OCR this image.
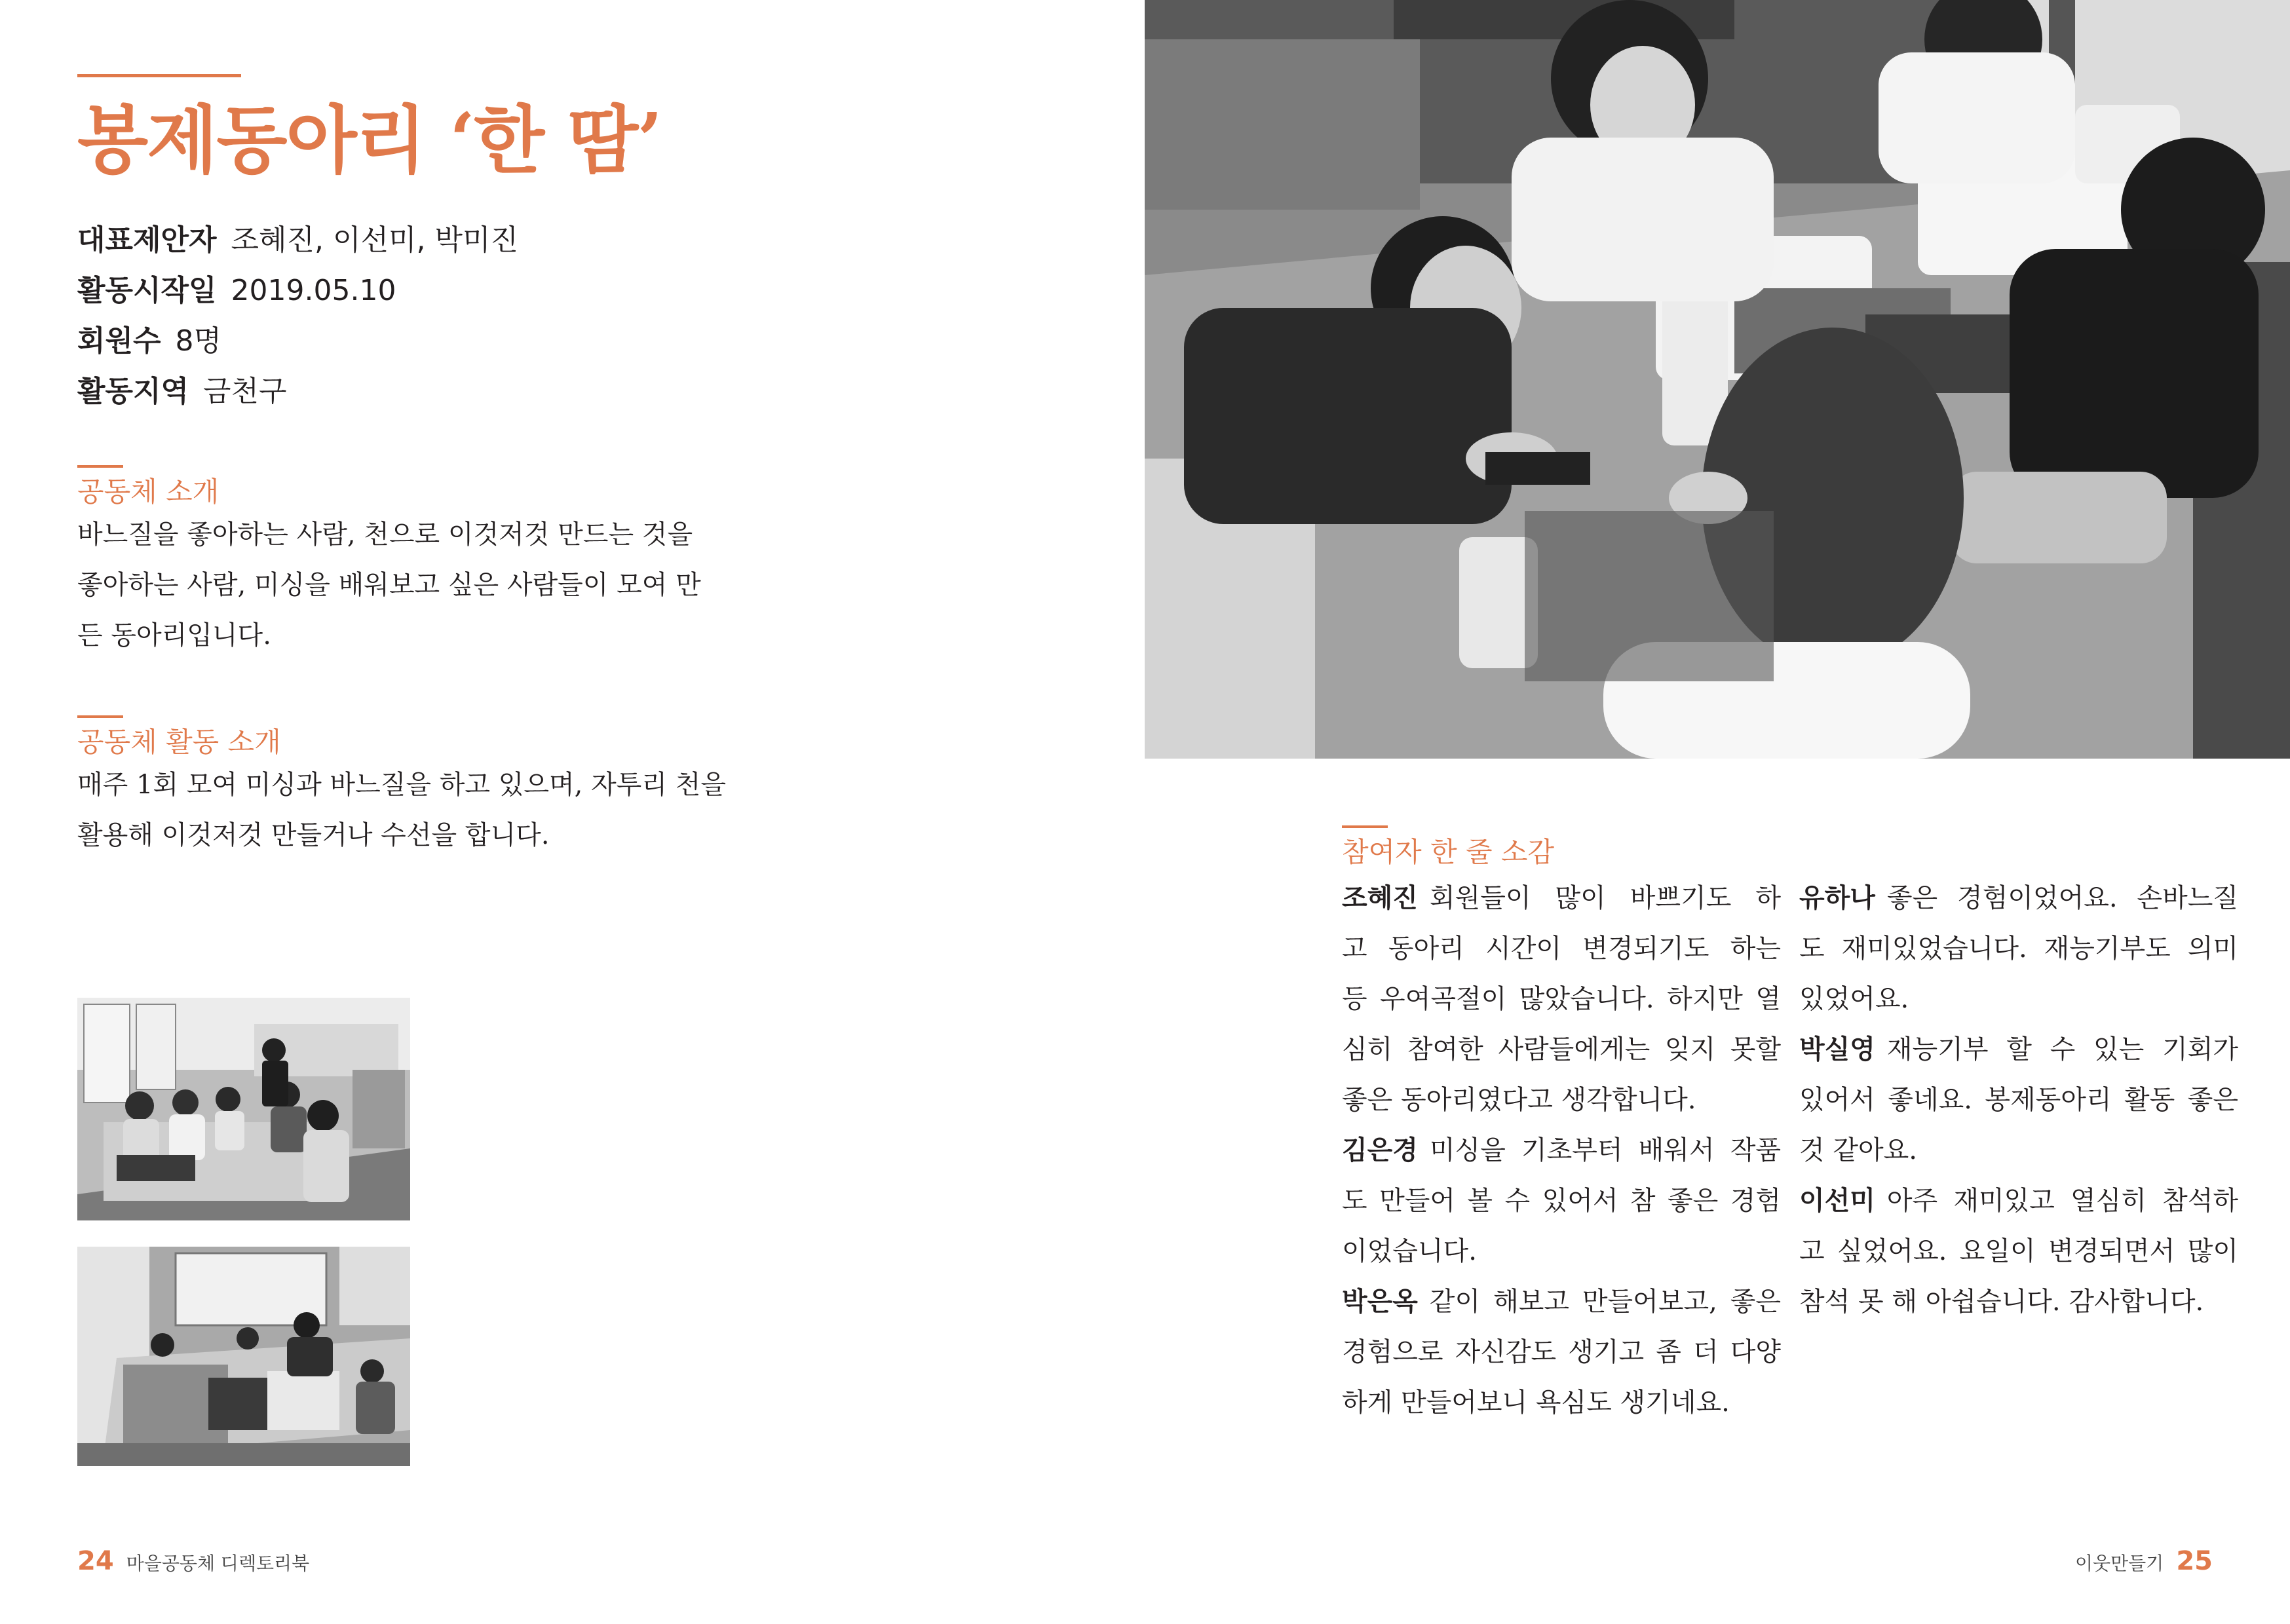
봉제동아리 ‘한 땀’
대표제안자 조혜진, 이선미, 박미진
활동시작일 2019.05.10
회원수 8명
활동지역 금천구
공동체 소개
바느질을 좋아하는 사람, 천으로 이것저것 만드는 것을
좋아하는 사람, 미싱을 배워보고 싶은 사람들이 모여 만
든 동아리입니다.
공동체 활동 소개
매주 1회 모여 미싱과 바느질을 하고 있으며, 자투리 천을
활용해 이것저것 만들거나 수선을 합니다.
참여자 한 줄 소감
조혜진 회원들이 많이 바쁘기도 하
고 동아리 시간이 변경되기도 하는
등 우여곡절이 많았습니다. 하지만 열
심히 참여한 사람들에게는 잊지 못할
좋은 동아리였다고 생각합니다.
김은경 미싱을 기초부터 배워서 작품
도 만들어 볼 수 있어서 참 좋은 경험
이었습니다.
박은옥 같이 해보고 만들어보고, 좋은
경험으로 자신감도 생기고 좀 더 다양
하게 만들어보니 욕심도 생기네요.
유하나 좋은 경험이었어요. 손바느질
도 재미있었습니다. 재능기부도 의미
있었어요.
박실영 재능기부 할 수 있는 기회가
있어서 좋네요. 봉제동아리 활동 좋은
것 같아요.
이선미 아주 재미있고 열심히 참석하
고 싶었어요. 요일이 변경되면서 많이
참석 못 해 아쉽습니다. 감사합니다.
24 마을공동체 디렉토리북	이웃만들기 25
